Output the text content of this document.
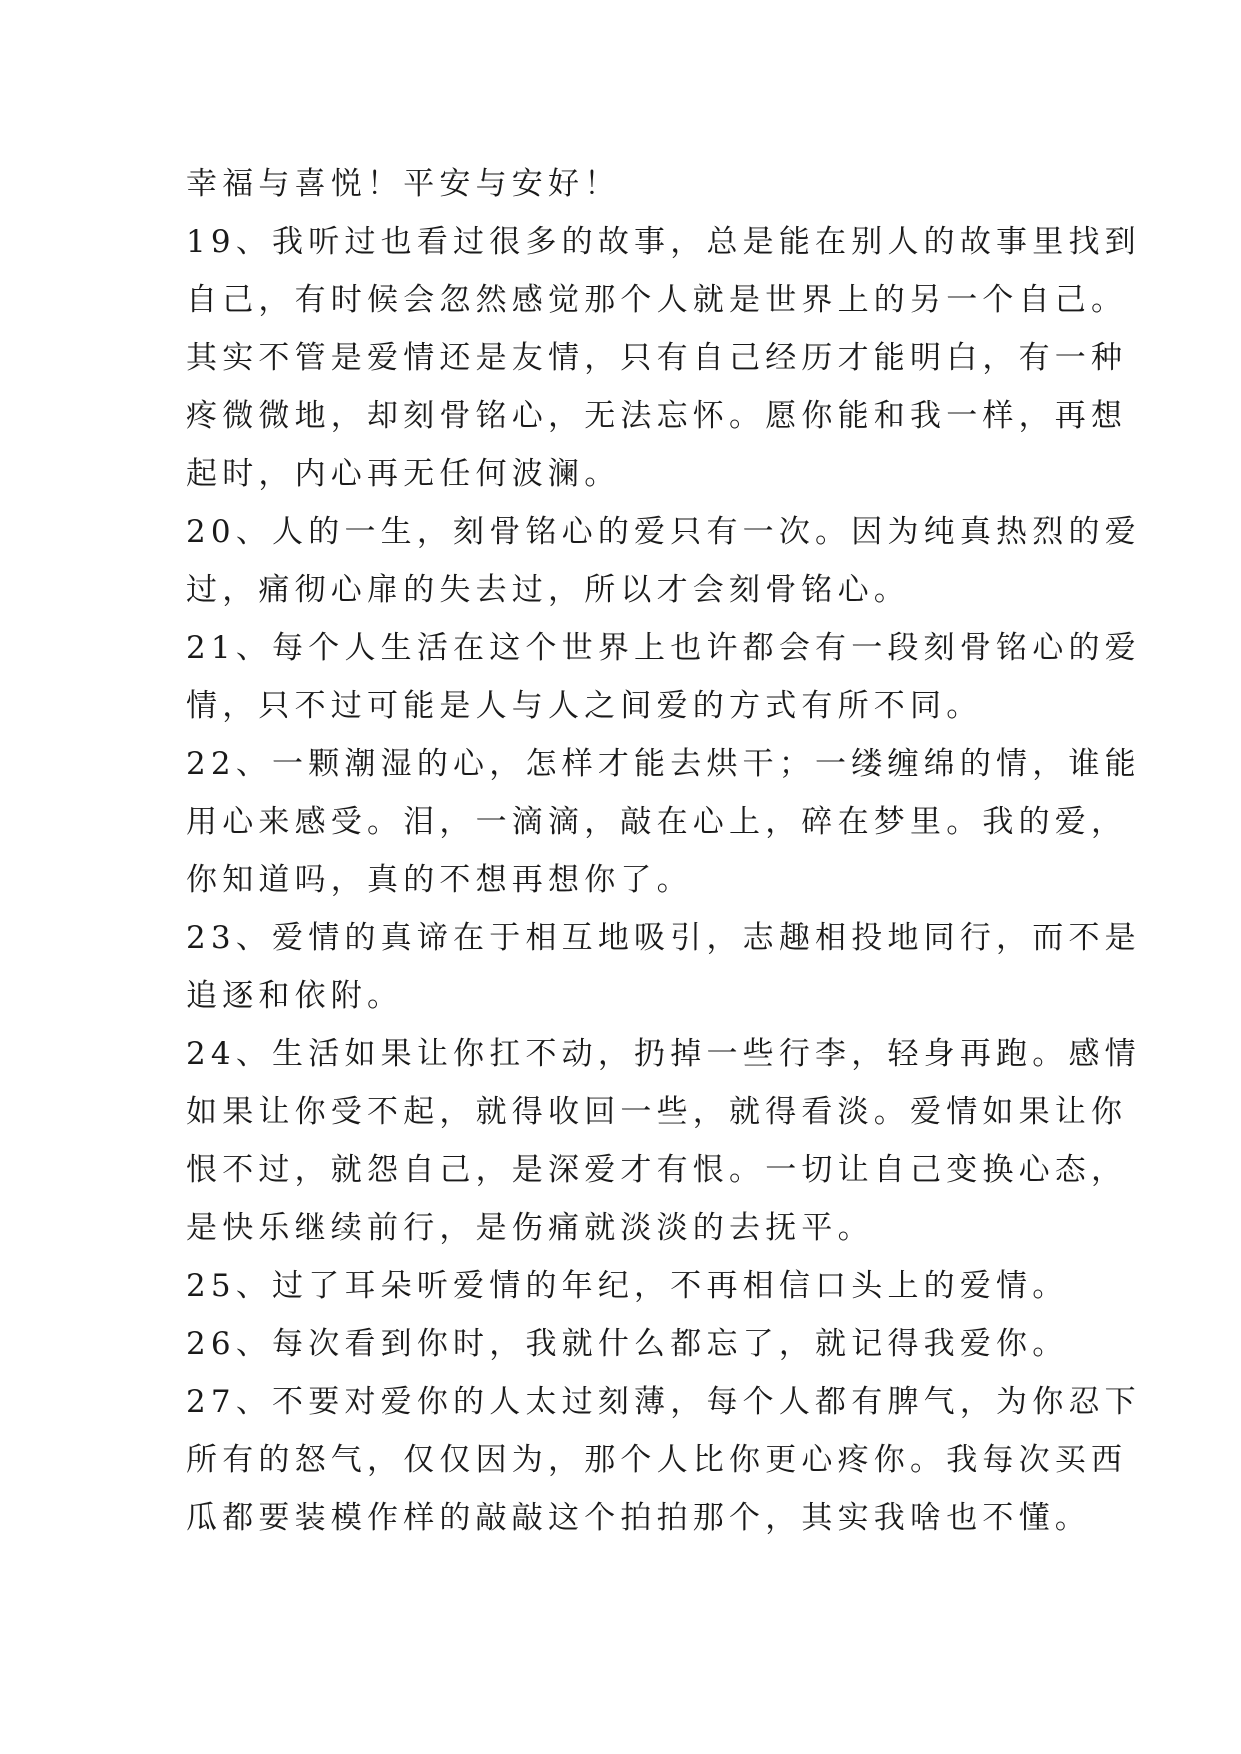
幸福与喜悦！平安与安好！
19、我听过也看过很多的故事，总是能在别人的故事里找到
自己，有时候会忽然感觉那个人就是世界上的另一个自己。
其实不管是爱情还是友情，只有自己经历才能明白，有一种
疼微微地，却刻骨铭心，无法忘怀。愿你能和我一样，再想
起时，内心再无任何波澜。
20、人的一生，刻骨铭心的爱只有一次。因为纯真热烈的爱
过，痛彻心扉的失去过，所以才会刻骨铭心。
21、每个人生活在这个世界上也许都会有一段刻骨铭心的爱
情，只不过可能是人与人之间爱的方式有所不同。
22、一颗潮湿的心，怎样才能去烘干；一缕缠绵的情，谁能
用心来感受。泪，一滴滴，敲在心上，碎在梦里。我的爱，
你知道吗，真的不想再想你了。
23、爱情的真谛在于相互地吸引，志趣相投地同行，而不是
追逐和依附。
24、生活如果让你扛不动，扔掉一些行李，轻身再跑。感情
如果让你受不起，就得收回一些，就得看淡。爱情如果让你
恨不过，就怨自己，是深爱才有恨。一切让自己变换心态，
是快乐继续前行，是伤痛就淡淡的去抚平。
25、过了耳朵听爱情的年纪，不再相信口头上的爱情。
26、每次看到你时，我就什么都忘了，就记得我爱你。
27、不要对爱你的人太过刻薄，每个人都有脾气，为你忍下
所有的怒气，仅仅因为，那个人比你更心疼你。我每次买西
瓜都要装模作样的敲敲这个拍拍那个，其实我啥也不懂。
